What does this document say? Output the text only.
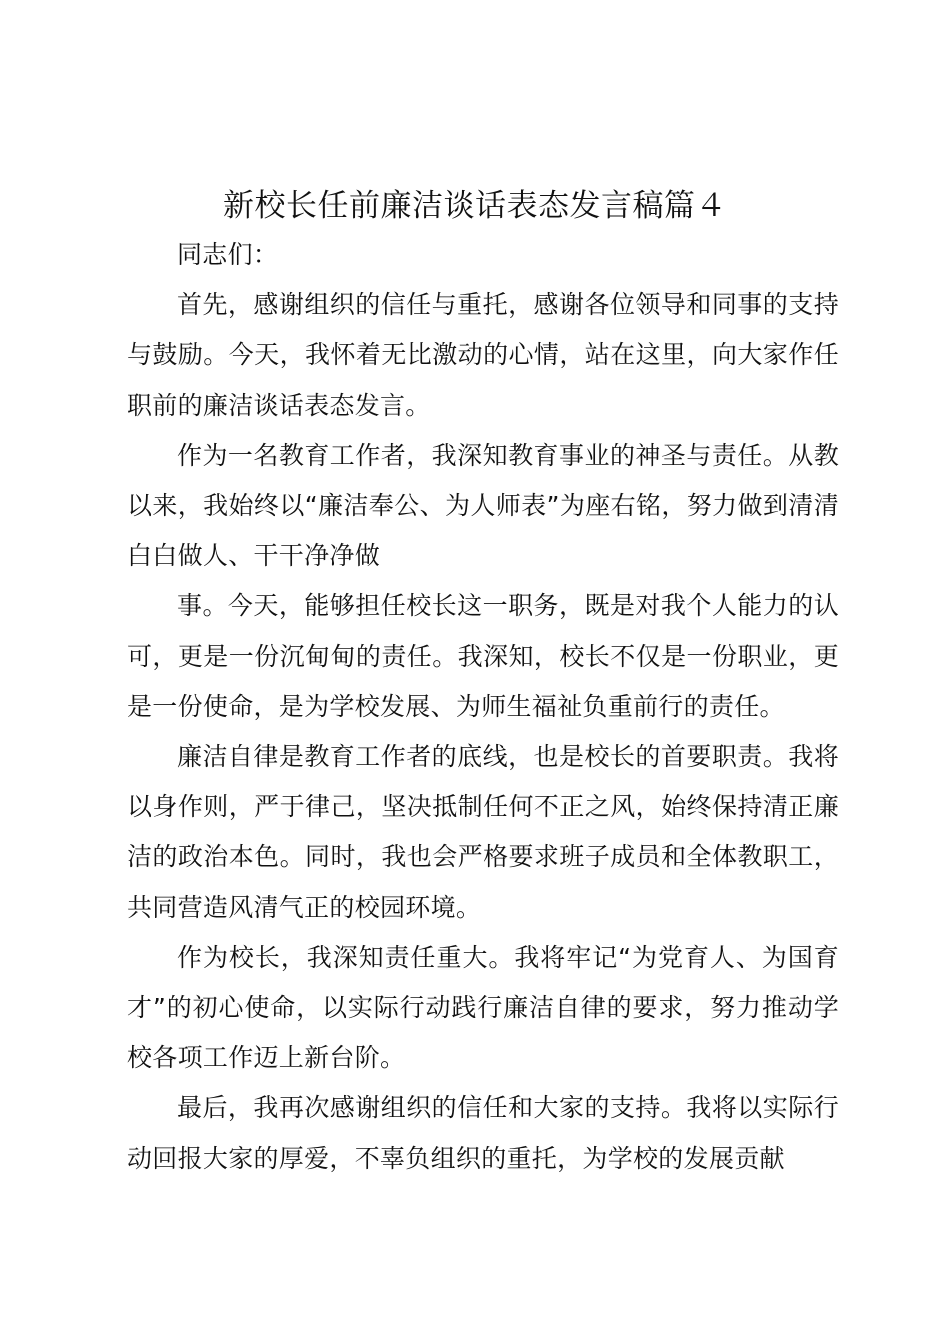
新校长任前廉洁谈话表态发言稿篇４

同志们：

首先，感谢组织的信任与重托，感谢各位领导和同事的支持与鼓励。今天，我怀着无比激动的心情，站在这里，向大家作任职前的廉洁谈话表态发言。

作为一名教育工作者，我深知教育事业的神圣与责任。从教以来，我始终以“廉洁奉公、为人师表”为座右铭，努力做到清清白白做人、干干净净做

事。今天，能够担任校长这一职务，既是对我个人能力的认可，更是一份沉甸甸的责任。我深知，校长不仅是一份职业，更是一份使命，是为学校发展、为师生福祉负重前行的责任。

廉洁自律是教育工作者的底线，也是校长的首要职责。我将以身作则，严于律己，坚决抵制任何不正之风，始终保持清正廉洁的政治本色。同时，我也会严格要求班子成员和全体教职工，共同营造风清气正的校园环境。

作为校长，我深知责任重大。我将牢记“为党育人、为国育才”的初心使命，以实际行动践行廉洁自律的要求，努力推动学校各项工作迈上新台阶。

最后，我再次感谢组织的信任和大家的支持。我将以实际行动回报大家的厚爱，不辜负组织的重托，为学校的发展贡献
